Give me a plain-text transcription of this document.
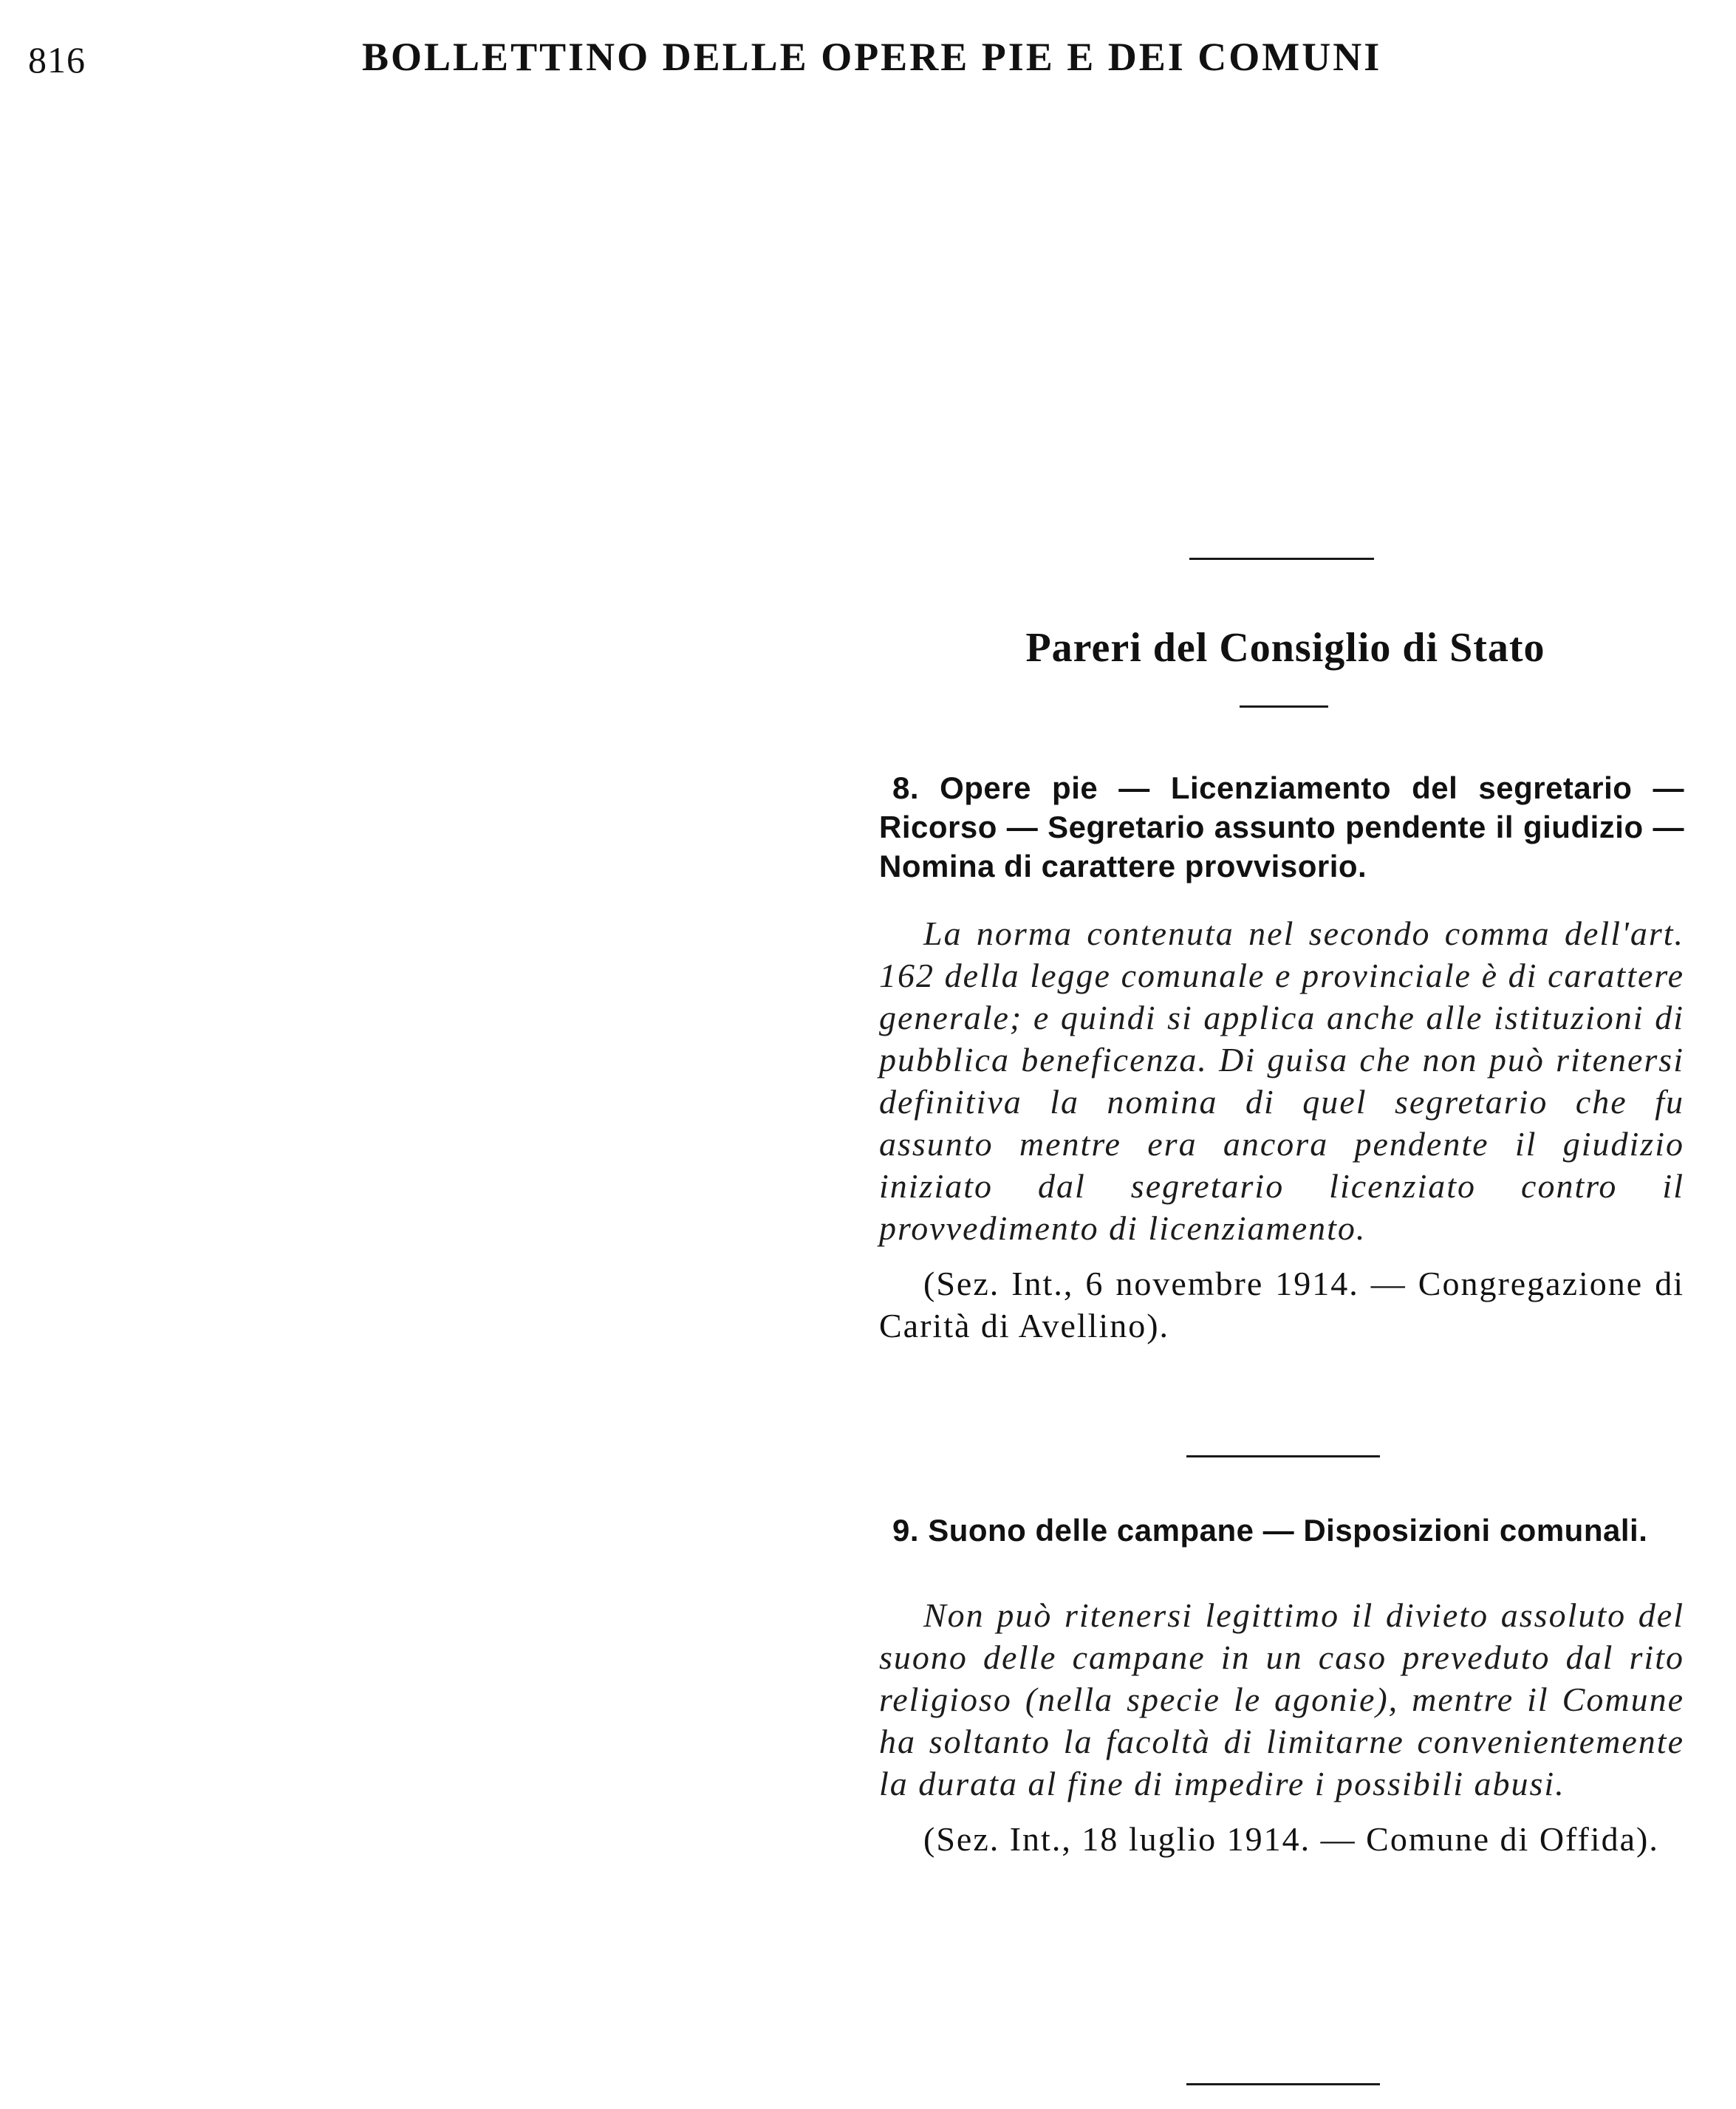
816	BOLLETTINO DELLE OPERE PIE E DEI COMUNI
Pareri del Consiglio di Stato
8. Opere pie — Licenziamento del segretario — Ricorso — Segretario assunto pendente il giudizio — Nomina di carattere provvisorio.
La norma contenuta nel secondo comma dell'art. 162 della legge comunale e provinciale è di carattere generale; e quindi si applica anche alle istituzioni di pubblica beneficenza. Di guisa che non può ritenersi definitiva la nomina di quel segretario che fu assunto mentre era ancora pendente il giudizio iniziato dal segretario licenziato contro il provvedimento di licenziamento.
(Sez. Int., 6 novembre 1914. — Congregazione di Carità di Avellino).
9. Suono delle campane — Disposizioni comunali.
Non può ritenersi legittimo il divieto assoluto del suono delle campane in un caso preveduto dal rito religioso (nella specie le agonie), mentre il Comune ha soltanto la facoltà di limitarne convenientemente la durata al fine di impedire i possibili abusi.
(Sez. Int., 18 luglio 1914. — Comune di Offida).
